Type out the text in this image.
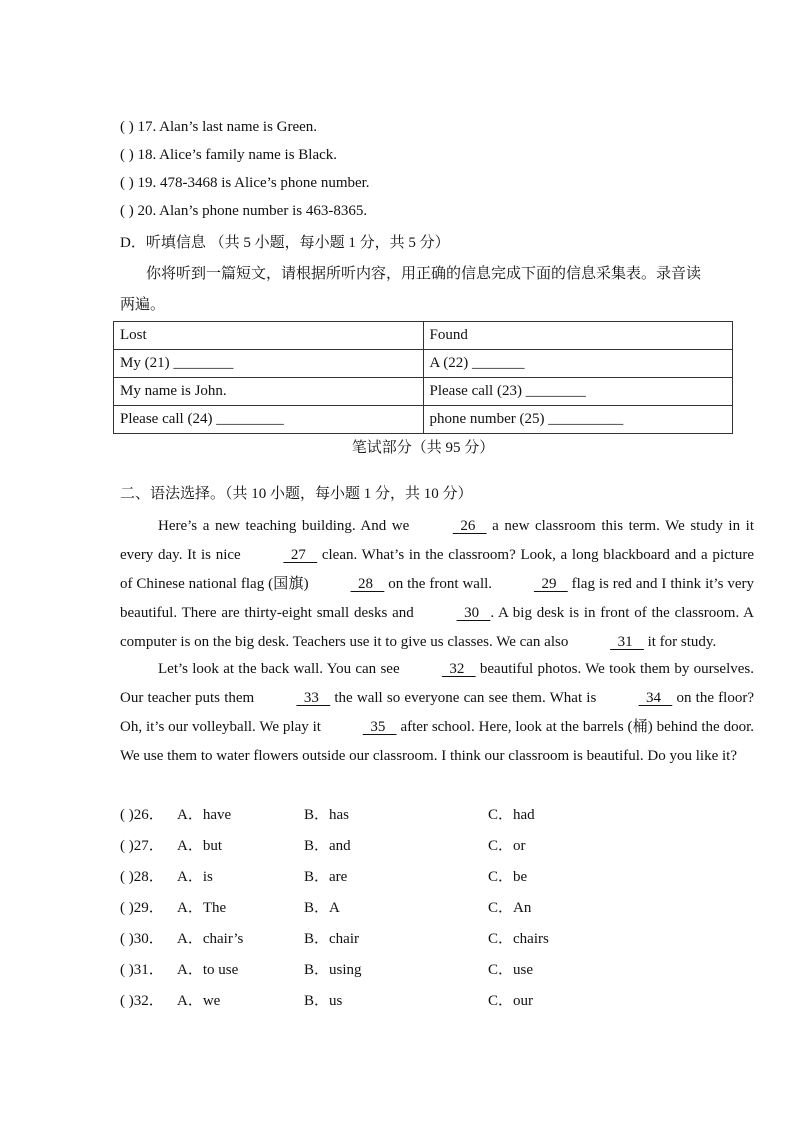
( ) 17. Alan’s last name is Green.
( ) 18. Alice’s family name is Black.
( ) 19. 478-3468 is Alice’s phone number.
( ) 20. Alan’s phone number is 463-8365.
D．听填信息 （共 5 小题，每小题 1 分，共 5 分）
你将听到一篇短文，请根据所听内容，用正确的信息完成下面的信息采集表。录音读
两遍。
Lost	Found
My (21) ________	A (22) _______
My name is John.	Please call (23) ________
Please call (24) _________	phone number (25) __________
笔试部分（共 95 分）
二、语法选择。（共 10 小题，每小题 1 分，共 10 分）
Here’s a new teaching building. And we	26    a new classroom this term. We study in it every day. It is nice	27    clean. What’s in the classroom? Look, a long blackboard and a picture of Chinese national flag (国旗)	28    on the front wall.	29    flag is red and I think it’s very beautiful. There are thirty-eight small desks and	30   . A big desk is in front of the classroom. A computer is on the big desk. Teachers use it to give us classes. We can also	31    it for study.
Let’s look at the back wall. You can see	32    beautiful photos. We took them by ourselves. Our teacher puts them	33    the wall so everyone can see them. What is	34    on the floor? Oh, it’s our volleyball. We play it	35    after school. Here, look at the barrels (桶) behind the door. We use them to water flowers outside our classroom. I think our classroom is beautiful. Do you like it?
( )26． A．have	B．has	C．had
( )27． A．but	B．and	C．or
( )28． A．is	B．are	C．be
( )29． A．The	B．A	C．An
( )30． A．chair’s	B．chair	C．chairs
( )31． A．to use	B．using	C．use
( )32． A．we	B．us	C．our
